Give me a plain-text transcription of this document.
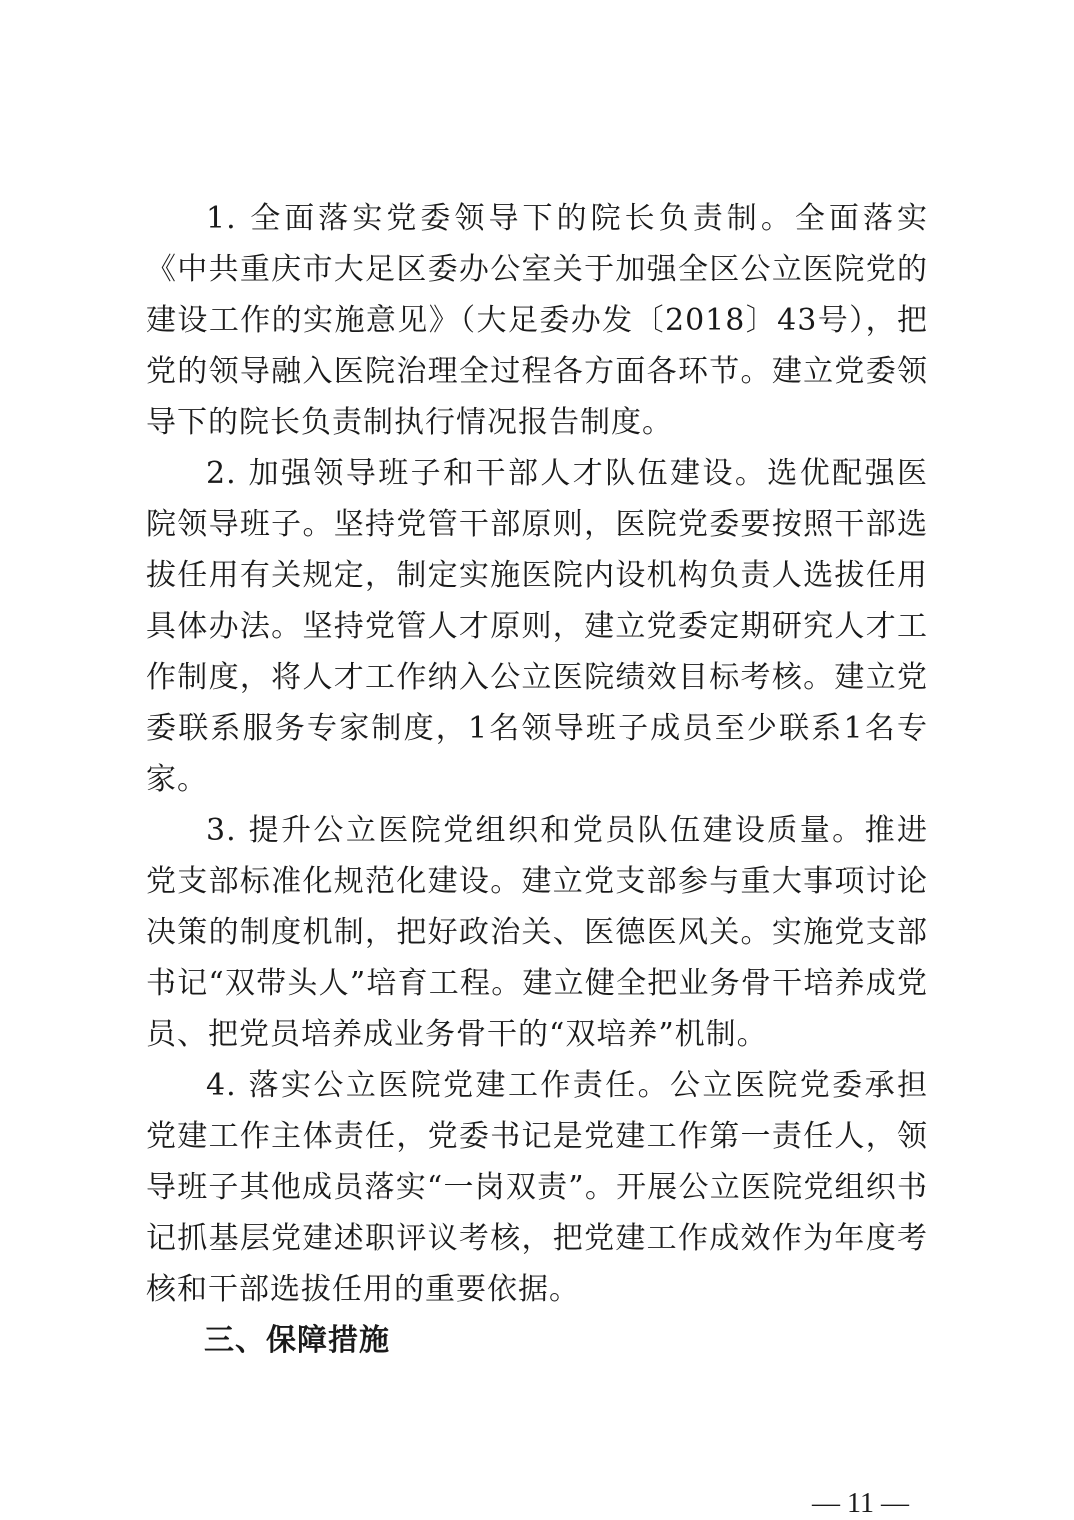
1. 全面落实党委领导下的院长负责制。全面落实《中共重庆市大足区委办公室关于加强全区公立医院党的建设工作的实施意见》（大足委办发〔2018〕43号），把党的领导融入医院治理全过程各方面各环节。建立党委领导下的院长负责制执行情况报告制度。

2. 加强领导班子和干部人才队伍建设。选优配强医院领导班子。坚持党管干部原则，医院党委要按照干部选拔任用有关规定，制定实施医院内设机构负责人选拔任用具体办法。坚持党管人才原则，建立党委定期研究人才工作制度，将人才工作纳入公立医院绩效目标考核。建立党委联系服务专家制度，1名领导班子成员至少联系1名专家。

3. 提升公立医院党组织和党员队伍建设质量。推进党支部标准化规范化建设。建立党支部参与重大事项讨论决策的制度机制，把好政治关、医德医风关。实施党支部书记“双带头人”培育工程。建立健全把业务骨干培养成党员、把党员培养成业务骨干的“双培养”机制。

4. 落实公立医院党建工作责任。公立医院党委承担党建工作主体责任，党委书记是党建工作第一责任人，领导班子其他成员落实“一岗双责”。开展公立医院党组织书记抓基层党建述职评议考核，把党建工作成效作为年度考核和干部选拔任用的重要依据。

三、保障措施

— 11 —
